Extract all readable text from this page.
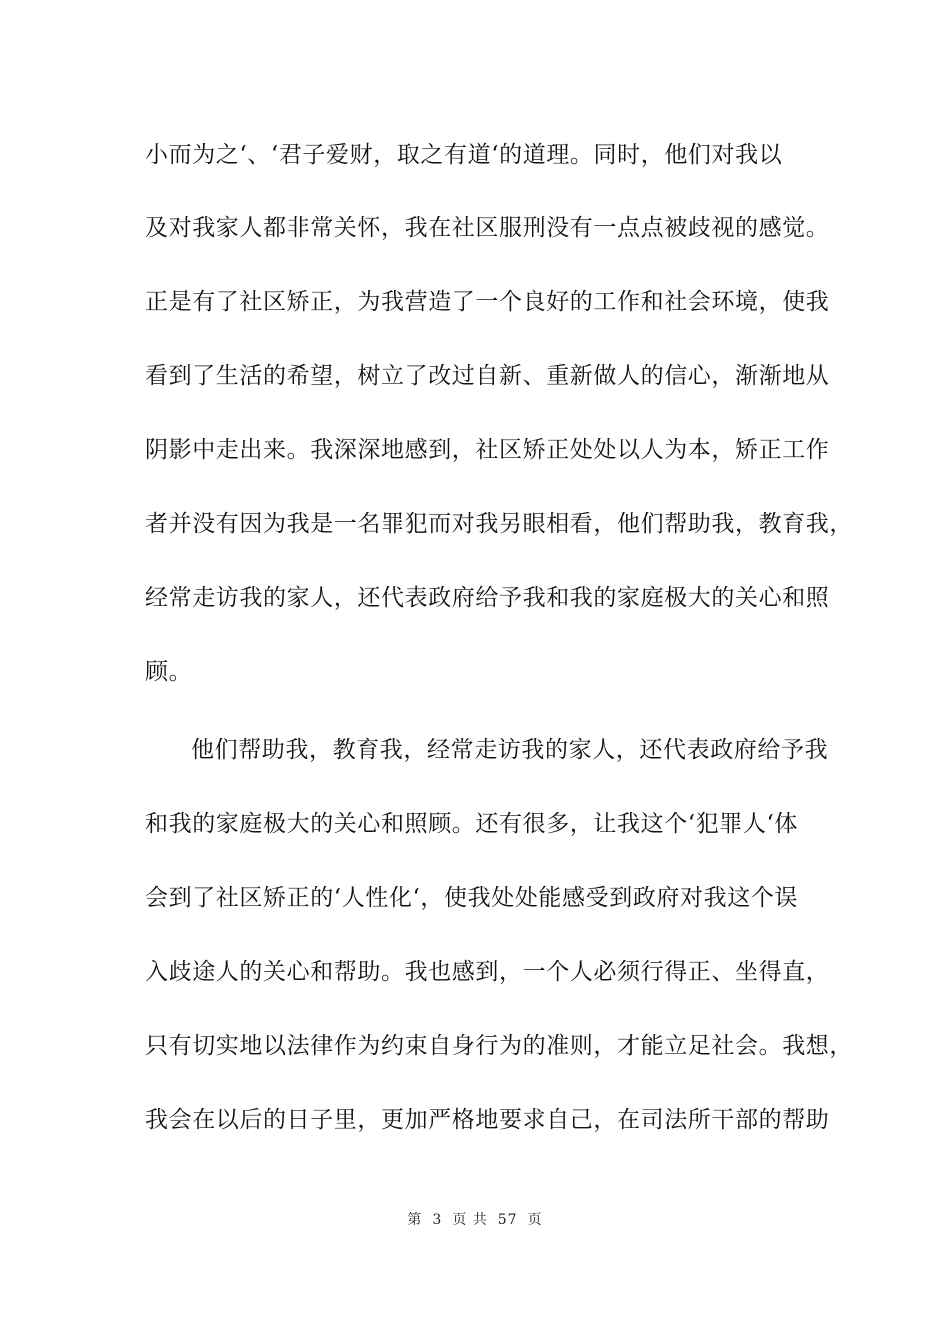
小而为之‘、‘君子爱财，取之有道‘的道理。同时，他们对我以
及对我家人都非常关怀，我在社区服刑没有一点点被歧视的感觉。
正是有了社区矫正，为我营造了一个良好的工作和社会环境，使我
看到了生活的希望，树立了改过自新、重新做人的信心，渐渐地从
阴影中走出来。我深深地感到，社区矫正处处以人为本，矫正工作
者并没有因为我是一名罪犯而对我另眼相看，他们帮助我，教育我，
经常走访我的家人，还代表政府给予我和我的家庭极大的关心和照
顾。
他们帮助我，教育我，经常走访我的家人，还代表政府给予我
和我的家庭极大的关心和照顾。还有很多，让我这个‘犯罪人‘体
会到了社区矫正的‘人性化‘，使我处处能感受到政府对我这个误
入歧途人的关心和帮助。我也感到，一个人必须行得正、坐得直，
只有切实地以法律作为约束自身行为的准则，才能立足社会。我想，
我会在以后的日子里，更加严格地要求自己，在司法所干部的帮助
第 3 页 共 57 页
